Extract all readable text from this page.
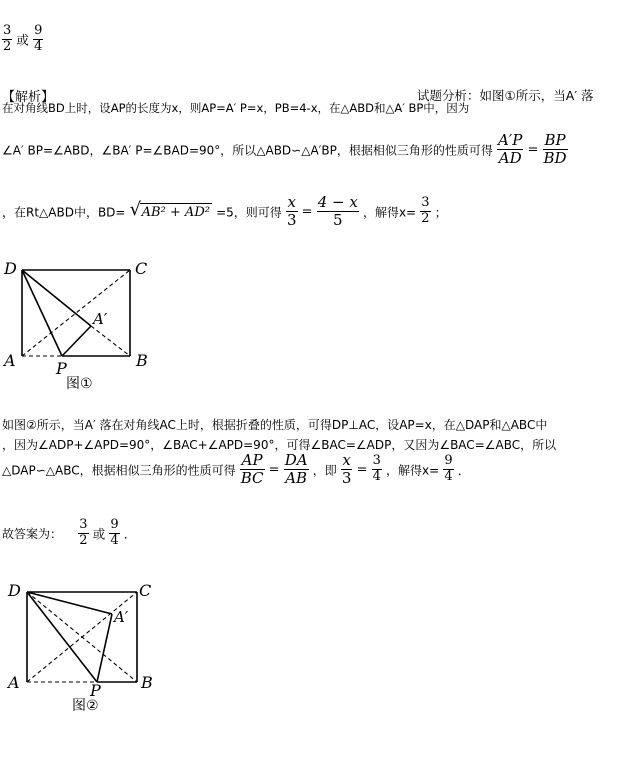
$\frac{3}{2}$ 或 $\frac{9}{4}$
【解析】	试题分析：如图①所示，当A′ 落
在对角线BD上时，设AP的长度为x，则AP=A′ P=x，PB=4-x，在△ABD和△A′ BP中，因为
∠A′ BP=∠ABD，∠BA′ P=∠BAD=90°，所以△ABD∽△A′BP，根据相似三角形的性质可得 $\frac{A'P}{AD} = \frac{BP}{BD}$
，在Rt△ABD中，BD= √ AB² + AD² =5，则可得 $\frac{x}{3} = \frac{4 - x}{5}$ ，解得$x= \frac{3}{2}$ ；
D	C
A	B
P
A′
图①
如图②所示，当A′ 落在对角线AC上时，根据折叠的性质，可得DP⊥AC，设AP=x，在△DAP和△ABC中
，因为∠ADP+∠APD=90°，∠BAC+∠APD=90°，可得∠BAC=∠ADP，又因为∠BAC=∠ABC，所以
△DAP∽△ABC，根据相似三角形的性质可得 $\frac{AP}{BC} = \frac{DA}{AB}$ ，即 $\frac{x}{3} = \frac{3}{4}$ ，解得$x= \frac{9}{4}$ ．
故答案为： $\frac{3}{2}$ 或 $\frac{9}{4}$ ．
D	C
A	B
P
A′
图②
